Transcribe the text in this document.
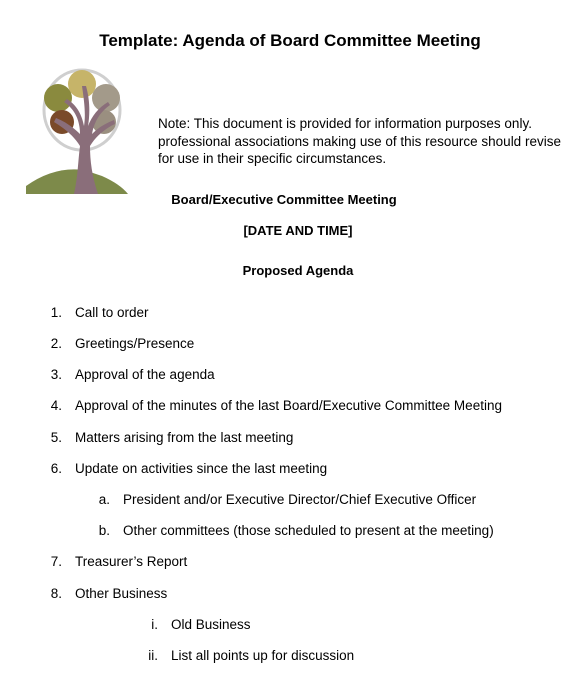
Template: Agenda of Board Committee Meeting
Note: This document is provided for information purposes only. professional associations making use of this resource should revise for use in their specific circumstances.
Board/Executive Committee Meeting
[DATE AND TIME]
Proposed Agenda
1. Call to order
2. Greetings/Presence
3. Approval of the agenda
4. Approval of the minutes of the last Board/Executive Committee Meeting
5. Matters arising from the last meeting
6. Update on activities since the last meeting
a. President and/or Executive Director/Chief Executive Officer
b. Other committees (those scheduled to present at the meeting)
7. Treasurer’s Report
8. Other Business
i. Old Business
ii. List all points up for discussion
